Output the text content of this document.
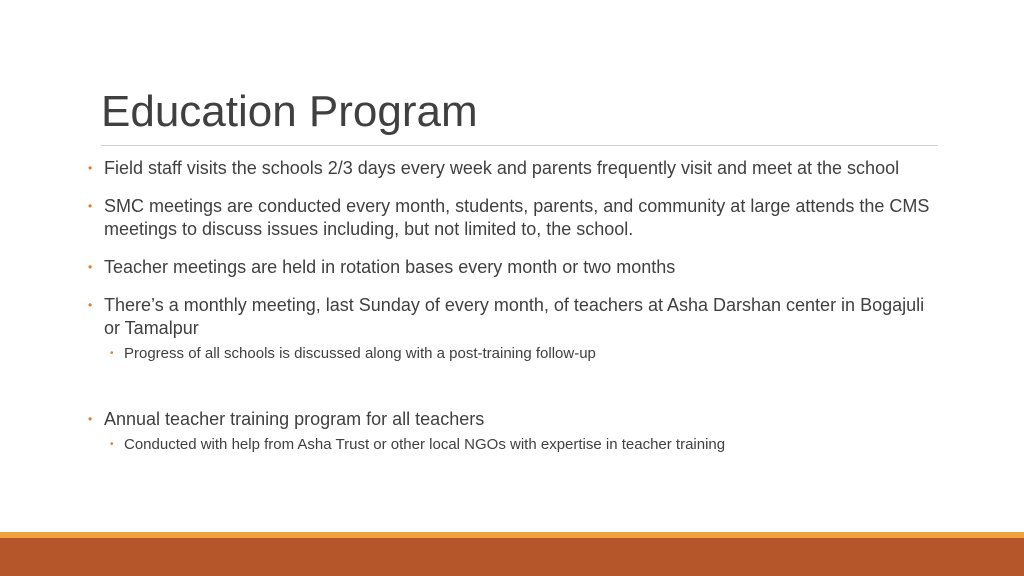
Education Program

• Field staff visits the schools 2/3 days every week and parents frequently visit and meet at the school

• SMC meetings are conducted every month, students, parents, and community at large attends the CMS meetings to discuss issues including, but not limited to, the school.

• Teacher meetings are held in rotation bases every month or two months

• There’s a monthly meeting, last Sunday of every month, of teachers at Asha Darshan center in Bogajuli or Tamalpur

• Progress of all schools is discussed along with a post-training follow-up

• Annual teacher training program for all teachers

• Conducted with help from Asha Trust or other local NGOs with expertise in teacher training
